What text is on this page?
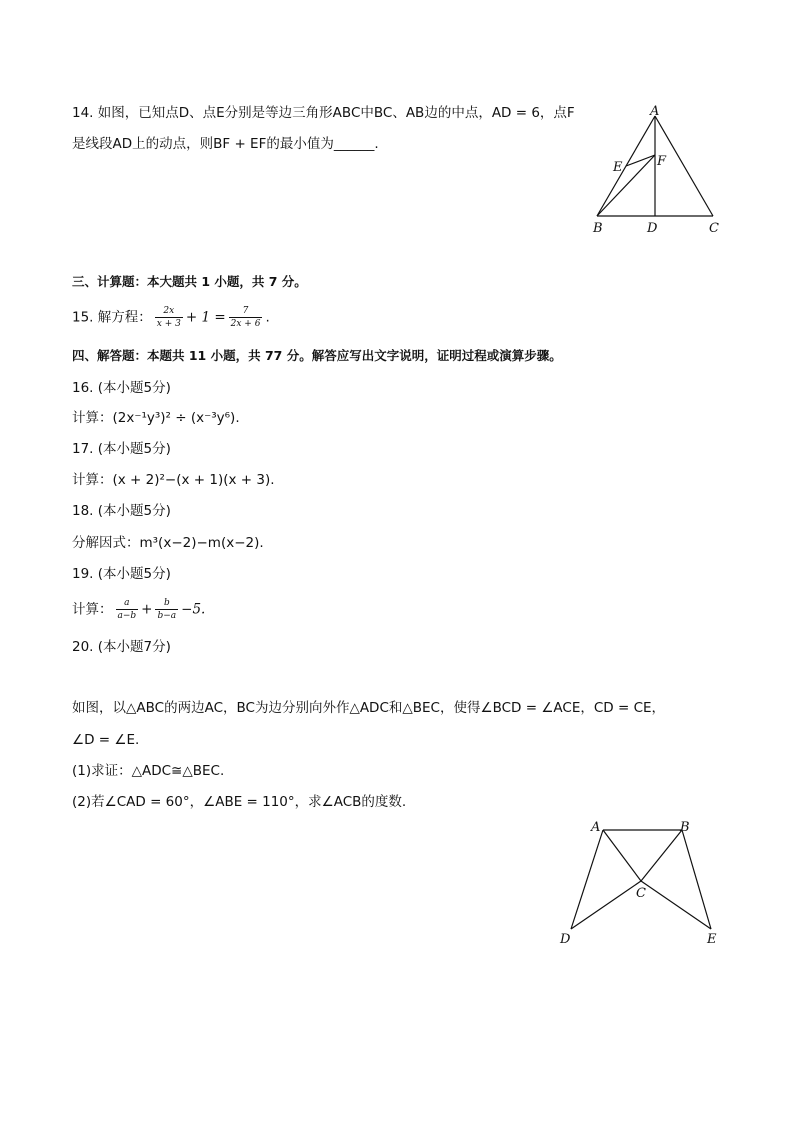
14. 如图，已知点D、点E分别是等边三角形ABC中BC、AB边的中点，AD = 6，点F
是线段AD上的动点，则BF + EF的最小值为______.
A
B	C
D
E	F
三、计算题：本大题共 1 小题，共 7 分。
15. 解方程： $\frac{2x}{x + 3} + 1 = \frac{7}{2x + 6}$ .
四、解答题：本题共 11 小题，共 77 分。解答应写出文字说明，证明过程或演算步骤。
16. (本小题5分)
计算：(2x⁻¹y³)² ÷ (x⁻³y⁶).
17. (本小题5分)
计算：(x + 2)²−(x + 1)(x + 3).
18. (本小题5分)
分解因式：m³(x−2)−m(x−2).
19. (本小题5分)
计算： $\frac{a}{a-b} + \frac{b}{b-a} -5$.
20. (本小题7分)
如图，以△ABC的两边AC，BC为边分别向外作△ADC和△BEC，使得∠BCD = ∠ACE，CD = CE，
∠D = ∠E.
(1)求证：△ADC≅△BEC.
(2)若∠CAD = 60°，∠ABE = 110°，求∠ACB的度数.
A	B
C
D	E
